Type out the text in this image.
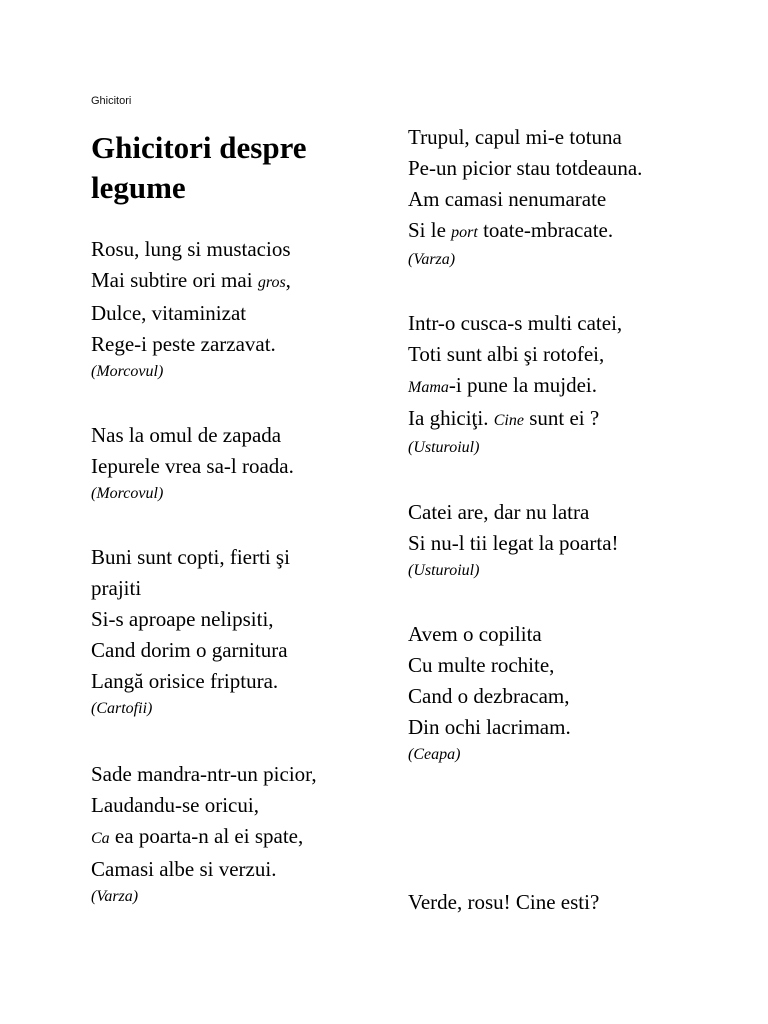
Ghicitori
Ghicitori despre legume
Rosu, lung si mustacios
Mai subtire ori mai gros,
Dulce, vitaminizat
Rege-i peste zarzavat.
(Morcovul)
Nas la omul de zapada
Iepurele vrea sa-l roada.
(Morcovul)
Buni sunt copti, fierti şi
prajiti
Si-s aproape nelipsiti,
Cand dorim o garnitura
Langă orisice friptura.
(Cartofii)
Sade mandra-ntr-un picior,
Laudandu-se oricui,
Ca ea poarta-n al ei spate,
Camasi albe si verzui.
(Varza)
Trupul, capul mi-e totuna
Pe-un picior stau totdeauna.
Am camasi nenumarate
Si le port toate-mbracate.
(Varza)
Intr-o cusca-s multi catei,
Toti sunt albi şi rotofei,
Mama-i pune la mujdei.
Ia ghiciţi. Cine sunt ei ?
(Usturoiul)
Catei are, dar nu latra
Si nu-l tii legat la poarta!
(Usturoiul)
Avem o copilita
Cu multe rochite,
Cand o dezbracam,
Din ochi lacrimam.
(Ceapa)
Verde, rosu! Cine esti?
